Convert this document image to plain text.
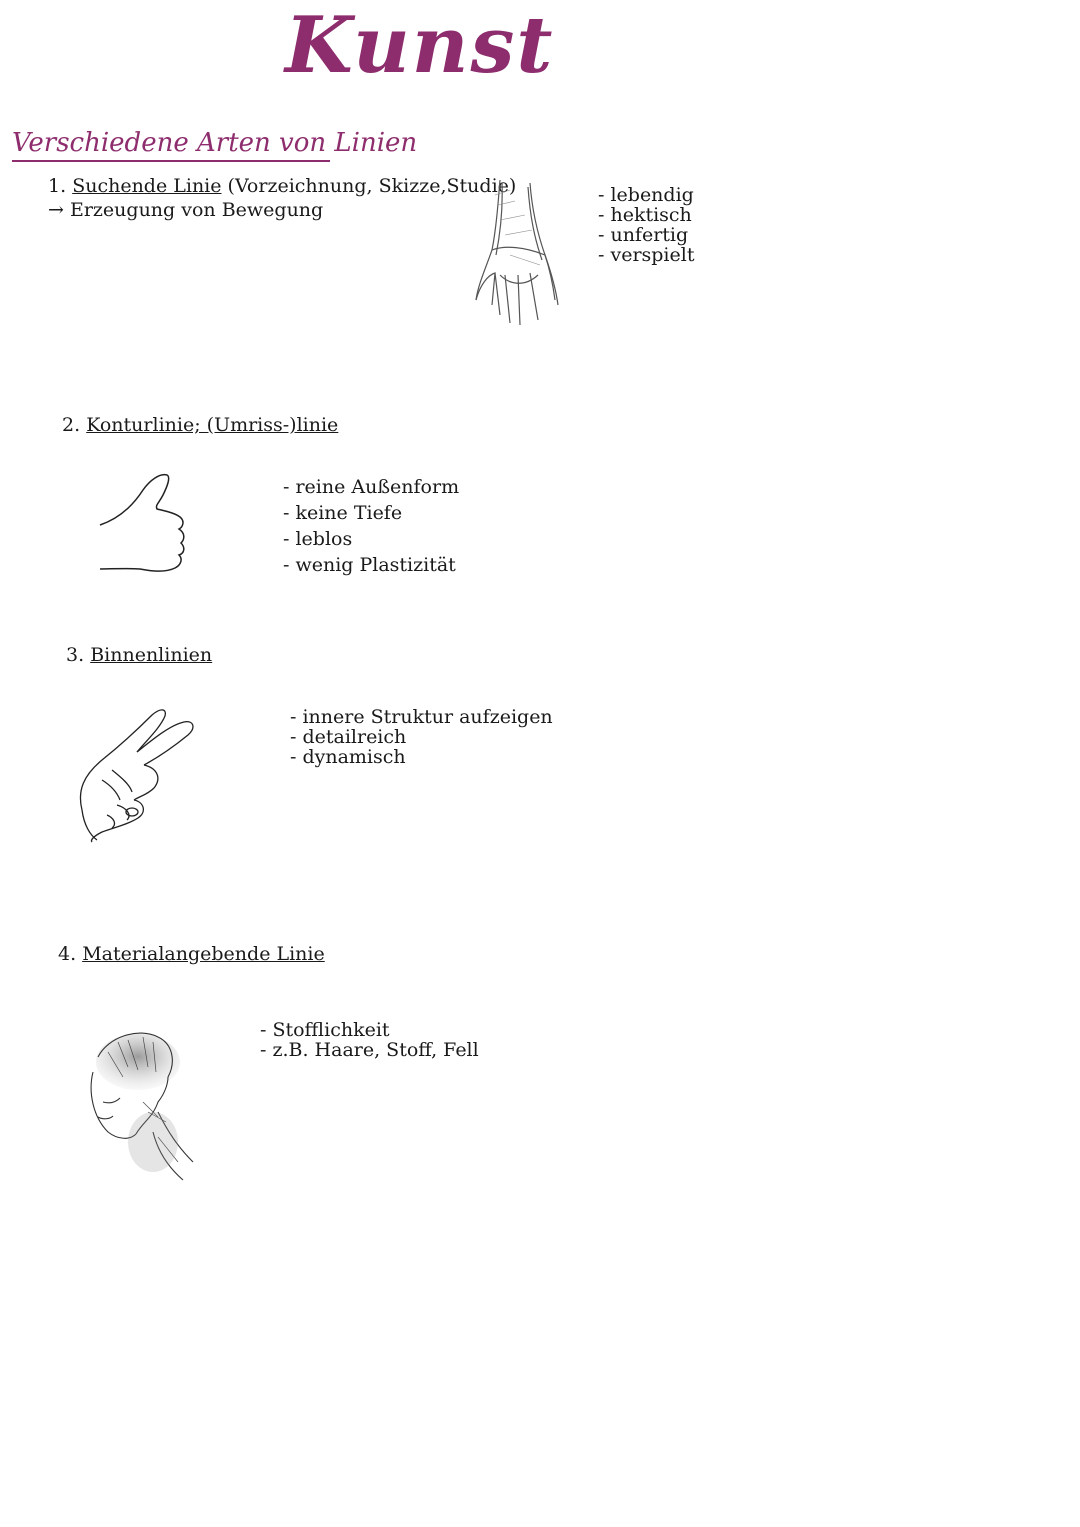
Kunst
Verschiedene Arten von Linien
1. Suchende Linie (Vorzeichnung, Skizze,Studie)
→ Erzeugung von Bewegung
- lebendig
- hektisch
- unfertig
- verspielt
2. Konturlinie; (Umriss-)linie
- reine Außenform
- keine Tiefe
- leblos
- wenig Plastizität
3. Binnenlinien
- innere Struktur aufzeigen
- detailreich
- dynamisch
4. Materialangebende Linie
- Stofflichkeit
- z.B. Haare, Stoff, Fell
